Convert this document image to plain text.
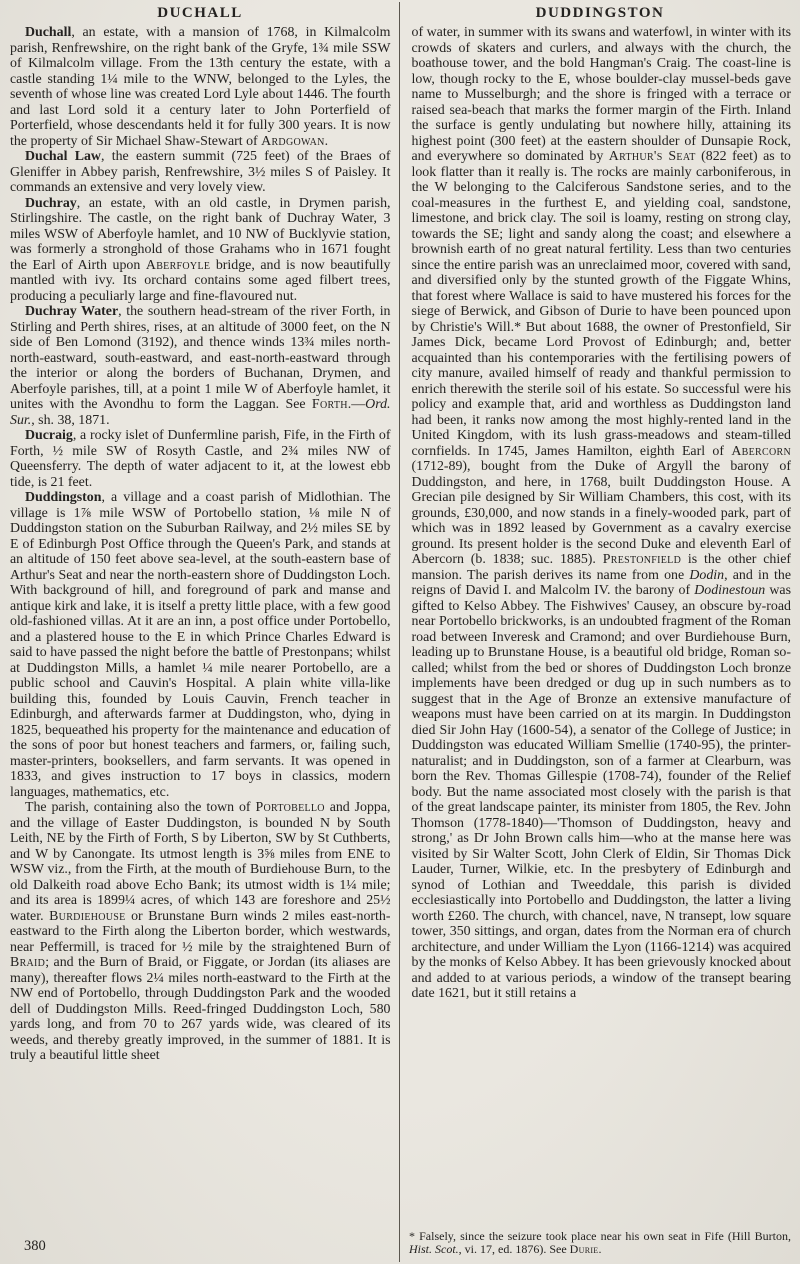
DUCHALL	DUDDINGSTON

Duchall, an estate, with a mansion of 1768, in Kilmalcolm parish, Renfrewshire, on the right bank of the Gryfe, 1¾ mile SSW of Kilmalcolm village. From the 13th century the estate, with a castle standing 1¼ mile to the WNW, belonged to the Lyles, the seventh of whose line was created Lord Lyle about 1446. The fourth and last Lord sold it a century later to John Porterfield of Porterfield, whose descendants held it for fully 300 years. It is now the property of Sir Michael Shaw-Stewart of Ardgowan.

Duchal Law, the eastern summit (725 feet) of the Braes of Gleniffer in Abbey parish, Renfrewshire, 3½ miles S of Paisley. It commands an extensive and very lovely view.

Duchray, an estate, with an old castle, in Drymen parish, Stirlingshire. The castle, on the right bank of Duchray Water, 3 miles WSW of Aberfoyle hamlet, and 10 NW of Bucklyvie station, was formerly a stronghold of those Grahams who in 1671 fought the Earl of Airth upon Aberfoyle bridge, and is now beautifully mantled with ivy. Its orchard contains some aged filbert trees, producing a peculiarly large and fine-flavoured nut.

Duchray Water, the southern head-stream of the river Forth, in Stirling and Perth shires, rises, at an altitude of 3000 feet, on the N side of Ben Lomond (3192), and thence winds 13¾ miles north-north-eastward, south-eastward, and east-north-eastward through the interior or along the borders of Buchanan, Drymen, and Aberfoyle parishes, till, at a point 1 mile W of Aberfoyle hamlet, it unites with the Avondhu to form the Laggan. See Forth.—Ord. Sur., sh. 38, 1871.

Ducraig, a rocky islet of Dunfermline parish, Fife, in the Firth of Forth, ½ mile SW of Rosyth Castle, and 2¾ miles NW of Queensferry. The depth of water adjacent to it, at the lowest ebb tide, is 21 feet.

Duddingston, a village and a coast parish of Midlothian. The village is 1⅞ mile WSW of Portobello station, ⅛ mile N of Duddingston station on the Suburban Railway, and 2½ miles SE by E of Edinburgh Post Office through the Queen's Park, and stands at an altitude of 150 feet above sea-level, at the south-eastern base of Arthur's Seat and near the north-eastern shore of Duddingston Loch. With background of hill, and foreground of park and manse and antique kirk and lake, it is itself a pretty little place, with a few good old-fashioned villas. At it are an inn, a post office under Portobello, and a plastered house to the E in which Prince Charles Edward is said to have passed the night before the battle of Prestonpans; whilst at Duddingston Mills, a hamlet ¼ mile nearer Portobello, are a public school and Cauvin's Hospital. A plain white villa-like building this, founded by Louis Cauvin, French teacher in Edinburgh, and afterwards farmer at Duddingston, who, dying in 1825, bequeathed his property for the maintenance and education of the sons of poor but honest teachers and farmers, or, failing such, master-printers, booksellers, and farm servants. It was opened in 1833, and gives instruction to 17 boys in classics, modern languages, mathematics, etc.

The parish, containing also the town of Portobello and Joppa, and the village of Easter Duddingston, is bounded N by South Leith, NE by the Firth of Forth, S by Liberton, SW by St Cuthberts, and W by Canongate. Its utmost length is 3⅝ miles from ENE to WSW viz., from the Firth, at the mouth of Burdiehouse Burn, to the old Dalkeith road above Echo Bank; its utmost width is 1¼ mile; and its area is 1899¼ acres, of which 143 are foreshore and 25½ water. Burdiehouse or Brunstane Burn winds 2 miles east-north-eastward to the Firth along the Liberton border, which westwards, near Peffermill, is traced for ½ mile by the straightened Burn of Braid; and the Burn of Braid, or Figgate, or Jordan (its aliases are many), thereafter flows 2¼ miles north-eastward to the Firth at the NW end of Portobello, through Duddingston Park and the wooded dell of Duddingston Mills. Reed-fringed Duddingston Loch, 580 yards long, and from 70 to 267 yards wide, was cleared of its weeds, and thereby greatly improved, in the summer of 1881. It is truly a beautiful little sheet

of water, in summer with its swans and waterfowl, in winter with its crowds of skaters and curlers, and always with the church, the boathouse tower, and the bold Hangman's Craig. The coast-line is low, though rocky to the E, whose boulder-clay mussel-beds gave name to Musselburgh; and the shore is fringed with a terrace or raised sea-beach that marks the former margin of the Firth. Inland the surface is gently undulating but nowhere hilly, attaining its highest point (300 feet) at the eastern shoulder of Dunsapie Rock, and everywhere so dominated by Arthur's Seat (822 feet) as to look flatter than it really is. The rocks are mainly carboniferous, in the W belonging to the Calciferous Sandstone series, and to the coal-measures in the furthest E, and yielding coal, sandstone, limestone, and brick clay. The soil is loamy, resting on strong clay, towards the SE; light and sandy along the coast; and elsewhere a brownish earth of no great natural fertility. Less than two centuries since the entire parish was an unreclaimed moor, covered with sand, and diversified only by the stunted growth of the Figgate Whins, that forest where Wallace is said to have mustered his forces for the siege of Berwick, and Gibson of Durie to have been pounced upon by Christie's Will.* But about 1688, the owner of Prestonfield, Sir James Dick, became Lord Provost of Edinburgh; and, better acquainted than his contemporaries with the fertilising powers of city manure, availed himself of ready and thankful permission to enrich therewith the sterile soil of his estate. So successful were his policy and example that, arid and worthless as Duddingston land had been, it ranks now among the most highly-rented land in the United Kingdom, with its lush grass-meadows and steam-tilled cornfields. In 1745, James Hamilton, eighth Earl of Abercorn (1712-89), bought from the Duke of Argyll the barony of Duddingston, and here, in 1768, built Duddingston House. A Grecian pile designed by Sir William Chambers, this cost, with its grounds, £30,000, and now stands in a finely-wooded park, part of which was in 1892 leased by Government as a cavalry exercise ground. Its present holder is the second Duke and eleventh Earl of Abercorn (b. 1838; suc. 1885). Prestonfield is the other chief mansion. The parish derives its name from one Dodin, and in the reigns of David I. and Malcolm IV. the barony of Dodinestoun was gifted to Kelso Abbey. The Fishwives' Causey, an obscure by-road near Portobello brickworks, is an undoubted fragment of the Roman road between Inveresk and Cramond; and over Burdiehouse Burn, leading up to Brunstane House, is a beautiful old bridge, Roman so-called; whilst from the bed or shores of Duddingston Loch bronze implements have been dredged or dug up in such numbers as to suggest that in the Age of Bronze an extensive manufacture of weapons must have been carried on at its margin. In Duddingston died Sir John Hay (1600-54), a senator of the College of Justice; in Duddingston was educated William Smellie (1740-95), the printer-naturalist; and in Duddingston, son of a farmer at Clearburn, was born the Rev. Thomas Gillespie (1708-74), founder of the Relief body. But the name associated most closely with the parish is that of the great landscape painter, its minister from 1805, the Rev. John Thomson (1778-1840)—'Thomson of Duddingston, heavy and strong,' as Dr John Brown calls him—who at the manse here was visited by Sir Walter Scott, John Clerk of Eldin, Sir Thomas Dick Lauder, Turner, Wilkie, etc. In the presbytery of Edinburgh and synod of Lothian and Tweeddale, this parish is divided ecclesiastically into Portobello and Duddingston, the latter a living worth £260. The church, with chancel, nave, N transept, low square tower, 350 sittings, and organ, dates from the Norman era of church architecture, and under William the Lyon (1166-1214) was acquired by the monks of Kelso Abbey. It has been grievously knocked about and added to at various periods, a window of the transept bearing date 1621, but it still retains a

* Falsely, since the seizure took place near his own seat in Fife (Hill Burton, Hist. Scot., vi. 17, ed. 1876). See Durie.

380
